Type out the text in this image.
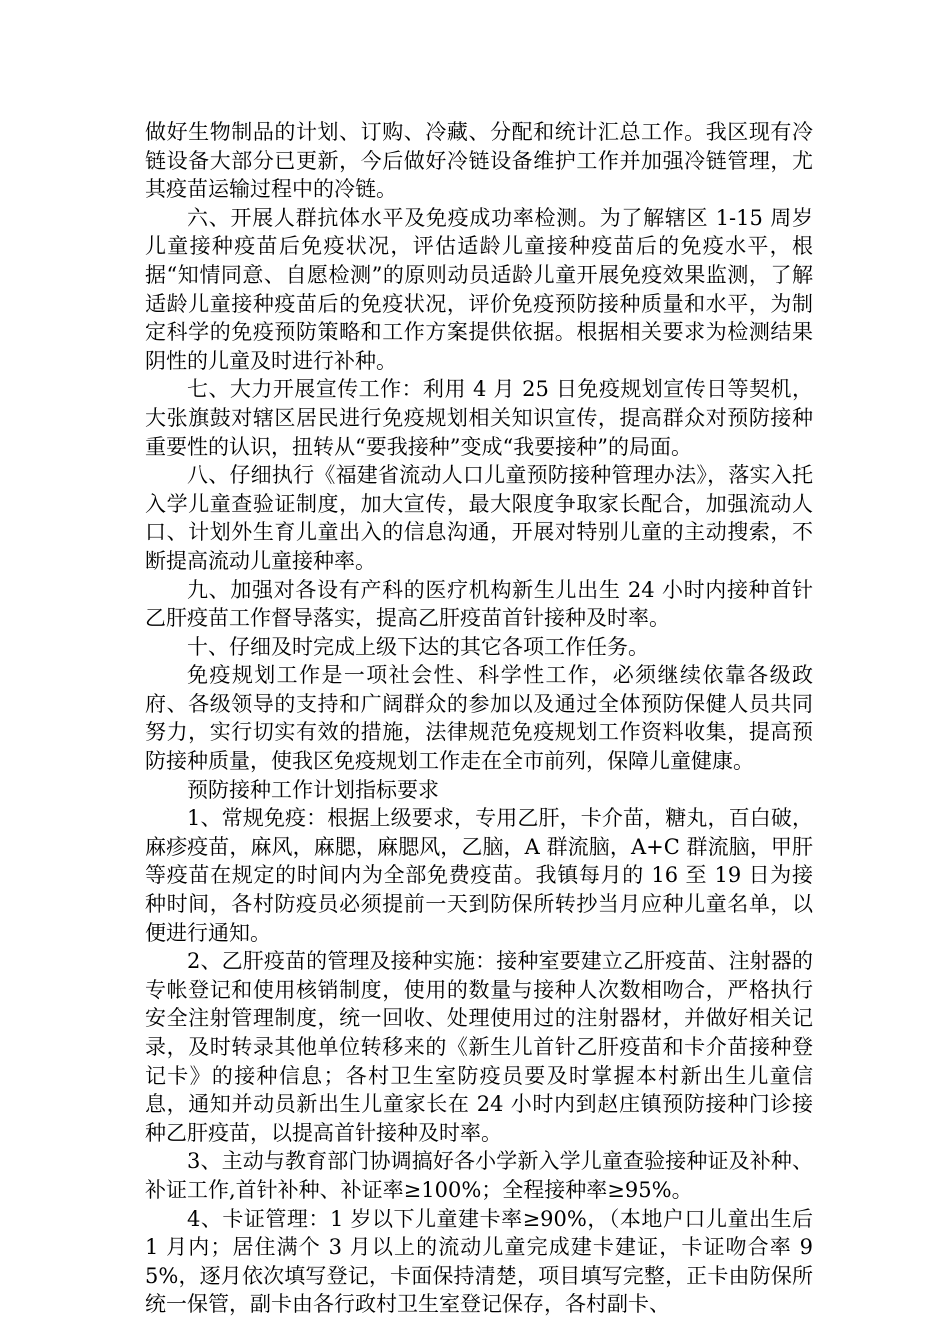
做好生物制品的计划、订购、冷藏、分配和统计汇总工作。我区现有冷链设备大部分已更新，今后做好冷链设备维护工作并加强冷链管理，尤其疫苗运输过程中的冷链。

六、开展人群抗体水平及免疫成功率检测。为了解辖区 1-15 周岁儿童接种疫苗后免疫状况，评估适龄儿童接种疫苗后的免疫水平，根据“知情同意、自愿检测”的原则动员适龄儿童开展免疫效果监测，了解适龄儿童接种疫苗后的免疫状况，评价免疫预防接种质量和水平，为制定科学的免疫预防策略和工作方案提供依据。根据相关要求为检测结果阴性的儿童及时进行补种。

七、大力开展宣传工作：利用 4 月 25 日免疫规划宣传日等契机，大张旗鼓对辖区居民进行免疫规划相关知识宣传，提高群众对预防接种重要性的认识，扭转从“要我接种”变成“我要接种”的局面。

八、仔细执行《福建省流动人口儿童预防接种管理办法》，落实入托入学儿童查验证制度，加大宣传，最大限度争取家长配合，加强流动人口、计划外生育儿童出入的信息沟通，开展对特别儿童的主动搜索，不断提高流动儿童接种率。

九、加强对各设有产科的医疗机构新生儿出生 24 小时内接种首针乙肝疫苗工作督导落实，提高乙肝疫苗首针接种及时率。

十、仔细及时完成上级下达的其它各项工作任务。

免疫规划工作是一项社会性、科学性工作，必须继续依靠各级政府、各级领导的支持和广阔群众的参加以及通过全体预防保健人员共同努力，实行切实有效的措施，法律规范免疫规划工作资料收集，提高预防接种质量，使我区免疫规划工作走在全市前列，保障儿童健康。

预防接种工作计划指标要求

1、常规免疫：根据上级要求，专用乙肝，卡介苗，糖丸，百白破，麻疹疫苗，麻风，麻腮，麻腮风，乙脑，A 群流脑，A+C 群流脑，甲肝等疫苗在规定的时间内为全部免费疫苗。我镇每月的 16 至 19 日为接种时间，各村防疫员必须提前一天到防保所转抄当月应种儿童名单，以便进行通知。

2、乙肝疫苗的管理及接种实施：接种室要建立乙肝疫苗、注射器的专帐登记和使用核销制度，使用的数量与接种人次数相吻合，严格执行安全注射管理制度，统一回收、处理使用过的注射器材，并做好相关记录，及时转录其他单位转移来的《新生儿首针乙肝疫苗和卡介苗接种登记卡》的接种信息；各村卫生室防疫员要及时掌握本村新出生儿童信息，通知并动员新出生儿童家长在 24 小时内到赵庄镇预防接种门诊接种乙肝疫苗，以提高首针接种及时率。

3、主动与教育部门协调搞好各小学新入学儿童查验接种证及补种、补证工作,首针补种、补证率≥100%；全程接种率≥95%。

4、卡证管理：1 岁以下儿童建卡率≥90%，（本地户口儿童出生后 1 月内；居住满个 3 月以上的流动儿童完成建卡建证，卡证吻合率 95%，逐月依次填写登记，卡面保持清楚，项目填写完整，正卡由防保所统一保管，副卡由各行政村卫生室登记保存，各村副卡、
